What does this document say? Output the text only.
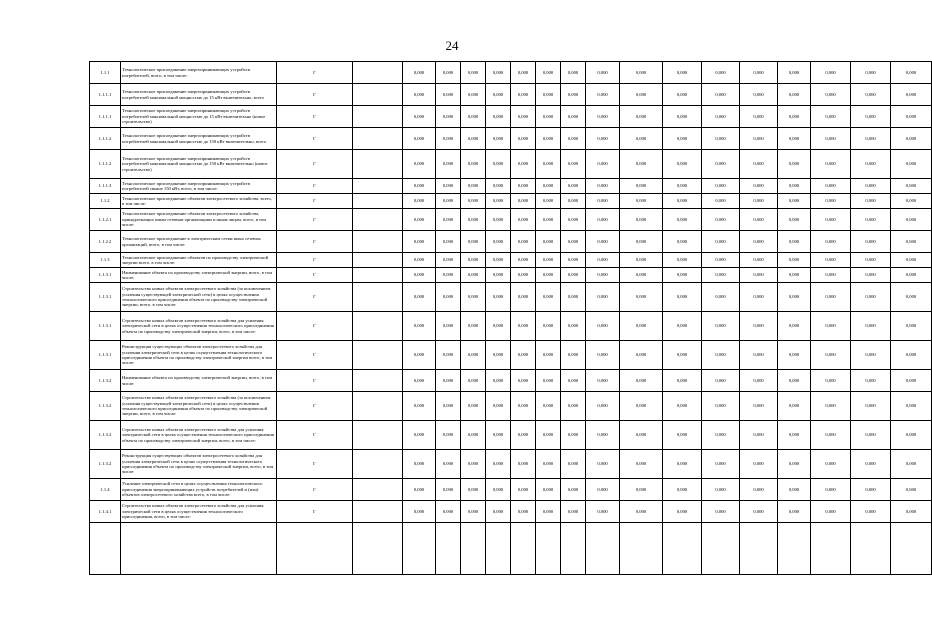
24
1.1.1	Технологическое присоединение энергопринимающих устройств потребителей, всего, в том числе:	Г		0,000	0,000	0,000	0,000	0,000	0,000	0,000	0,000	0,000	0,000	0,000	0,000	0,000	0,000	0,000	0,000
1.1.1.1	Технологическое присоединение энергопринимающих устройств потребителей максимальной мощностью до 15 кВт включительно, всего	Г		0,000	0,000	0,000	0,000	0,000	0,000	0,000	0,000	0,000	0,000	0,000	0,000	0,000	0,000	0,000	0,000
1.1.1.1	Технологическое присоединение энергопринимающих устройств потребителей максимальной мощностью до 15 кВт включительно (новое строительство)	Г		0,000	0,000	0,000	0,000	0,000	0,000	0,000	0,000	0,000	0,000	0,000	0,000	0,000	0,000	0,000	0,000
1.1.1.2	Технологическое присоединение энергопринимающих устройств потребителей максимальной мощностью до 150 кВт включительно, всего	Г		0,000	0,000	0,000	0,000	0,000	0,000	0,000	0,000	0,000	0,000	0,000	0,000	0,000	0,000	0,000	0,000
1.1.1.2	Технологическое присоединение энергопринимающих устройств потребителей максимальной мощностью до 150 кВт включительно (новое строительство)	Г		0,000	0,000	0,000	0,000	0,000	0,000	0,000	0,000	0,000	0,000	0,000	0,000	0,000	0,000	0,000	0,000
1.1.1.3	Технологическое присоединение энергопринимающих устройств потребителей свыше 150 кВт, всего, в том числе:	Г		0,000	0,000	0,000	0,000	0,000	0,000	0,000	0,000	0,000	0,000	0,000	0,000	0,000	0,000	0,000	0,000
1.1.2	Технологическое присоединение объектов электросетевого хозяйства, всего, в том числе:	Г		0,000	0,000	0,000	0,000	0,000	0,000	0,000	0,000	0,000	0,000	0,000	0,000	0,000	0,000	0,000	0,000
1.1.2.1	Технологическое присоединение объектов электросетевого хозяйства, принадлежащих иным сетевым организациям и иным лицам, всего, в том числе:	Г		0,000	0,000	0,000	0,000	0,000	0,000	0,000	0,000	0,000	0,000	0,000	0,000	0,000	0,000	0,000	0,000
1.1.2.2	Технологическое присоединение к электрическим сетям иных сетевых организаций, всего, в том числе:	Г		0,000	0,000	0,000	0,000	0,000	0,000	0,000	0,000	0,000	0,000	0,000	0,000	0,000	0,000	0,000	0,000
1.1.3	Технологическое присоединение объектов по производству электрической энергии всего, в том числе:	Г		0,000	0,000	0,000	0,000	0,000	0,000	0,000	0,000	0,000	0,000	0,000	0,000	0,000	0,000	0,000	0,000
1.1.3.1	Наименование объекта по производству электрической энергии, всего, в том числе:	Г		0,000	0,000	0,000	0,000	0,000	0,000	0,000	0,000	0,000	0,000	0,000	0,000	0,000	0,000	0,000	0,000
1.1.3.1	Строительство новых объектов электросетевого хозяйства (за исключением усиления существующей электрической сети) в целях осуществления технологического присоединения объекта по производству электрической энергии, всего, в том числе:	Г		0,000	0,000	0,000	0,000	0,000	0,000	0,000	0,000	0,000	0,000	0,000	0,000	0,000	0,000	0,000	0,000
1.1.3.1	Строительство новых объектов электросетевого хозяйства для усиления электрической сети в целях осуществления технологического присоединения объекта по производству электрической энергии, всего, в том числе:	Г		0,000	0,000	0,000	0,000	0,000	0,000	0,000	0,000	0,000	0,000	0,000	0,000	0,000	0,000	0,000	0,000
1.1.3.1	Реконструкция существующих объектов электросетевого хозяйства для усиления электрической сети в целях осуществления технологического присоединения объекта по производству электрической энергии всего, в том числе:	Г		0,000	0,000	0,000	0,000	0,000	0,000	0,000	0,000	0,000	0,000	0,000	0,000	0,000	0,000	0,000	0,000
1.1.3.2	Наименование объекта по производству электрической энергии, всего, в том числе:	Г		0,000	0,000	0,000	0,000	0,000	0,000	0,000	0,000	0,000	0,000	0,000	0,000	0,000	0,000	0,000	0,000
1.1.3.2	Строительство новых объектов электросетевого хозяйства (за исключением усиления существующей электрической сети) в целях осуществления технологического присоединения объекта по производству электрической энергии, всего, в том числе:	Г		0,000	0,000	0,000	0,000	0,000	0,000	0,000	0,000	0,000	0,000	0,000	0,000	0,000	0,000	0,000	0,000
1.1.3.2	Строительство новых объектов электросетевого хозяйства для усиления электрической сети в целях осуществления технологического присоединения объекта по производству электрической энергии, всего, в том числе:	Г		0,000	0,000	0,000	0,000	0,000	0,000	0,000	0,000	0,000	0,000	0,000	0,000	0,000	0,000	0,000	0,000
1.1.3.2	Реконструкция существующих объектов электросетевого хозяйства для усиления электрической сети в целях осуществления технологического присоединения объекта по производству электрической энергии, всего, в том числе:	Г		0,000	0,000	0,000	0,000	0,000	0,000	0,000	0,000	0,000	0,000	0,000	0,000	0,000	0,000	0,000	0,000
1.1.4	Усиление электрической сети в целях осуществления технологического присоединения энергопринимающих устройств потребителей и (или) объектов электросетевого хозяйства всего, в том числе:	Г		0,000	0,000	0,000	0,000	0,000	0,000	0,000	0,000	0,000	0,000	0,000	0,000	0,000	0,000	0,000	0,000
1.1.4.1	Строительство новых объектов электросетевого хозяйства для усиления электрической сети в целях осуществления технологического присоединения, всего, в том числе:	Г		0,000	0,000	0,000	0,000	0,000	0,000	0,000	0,000	0,000	0,000	0,000	0,000	0,000	0,000	0,000	0,000
